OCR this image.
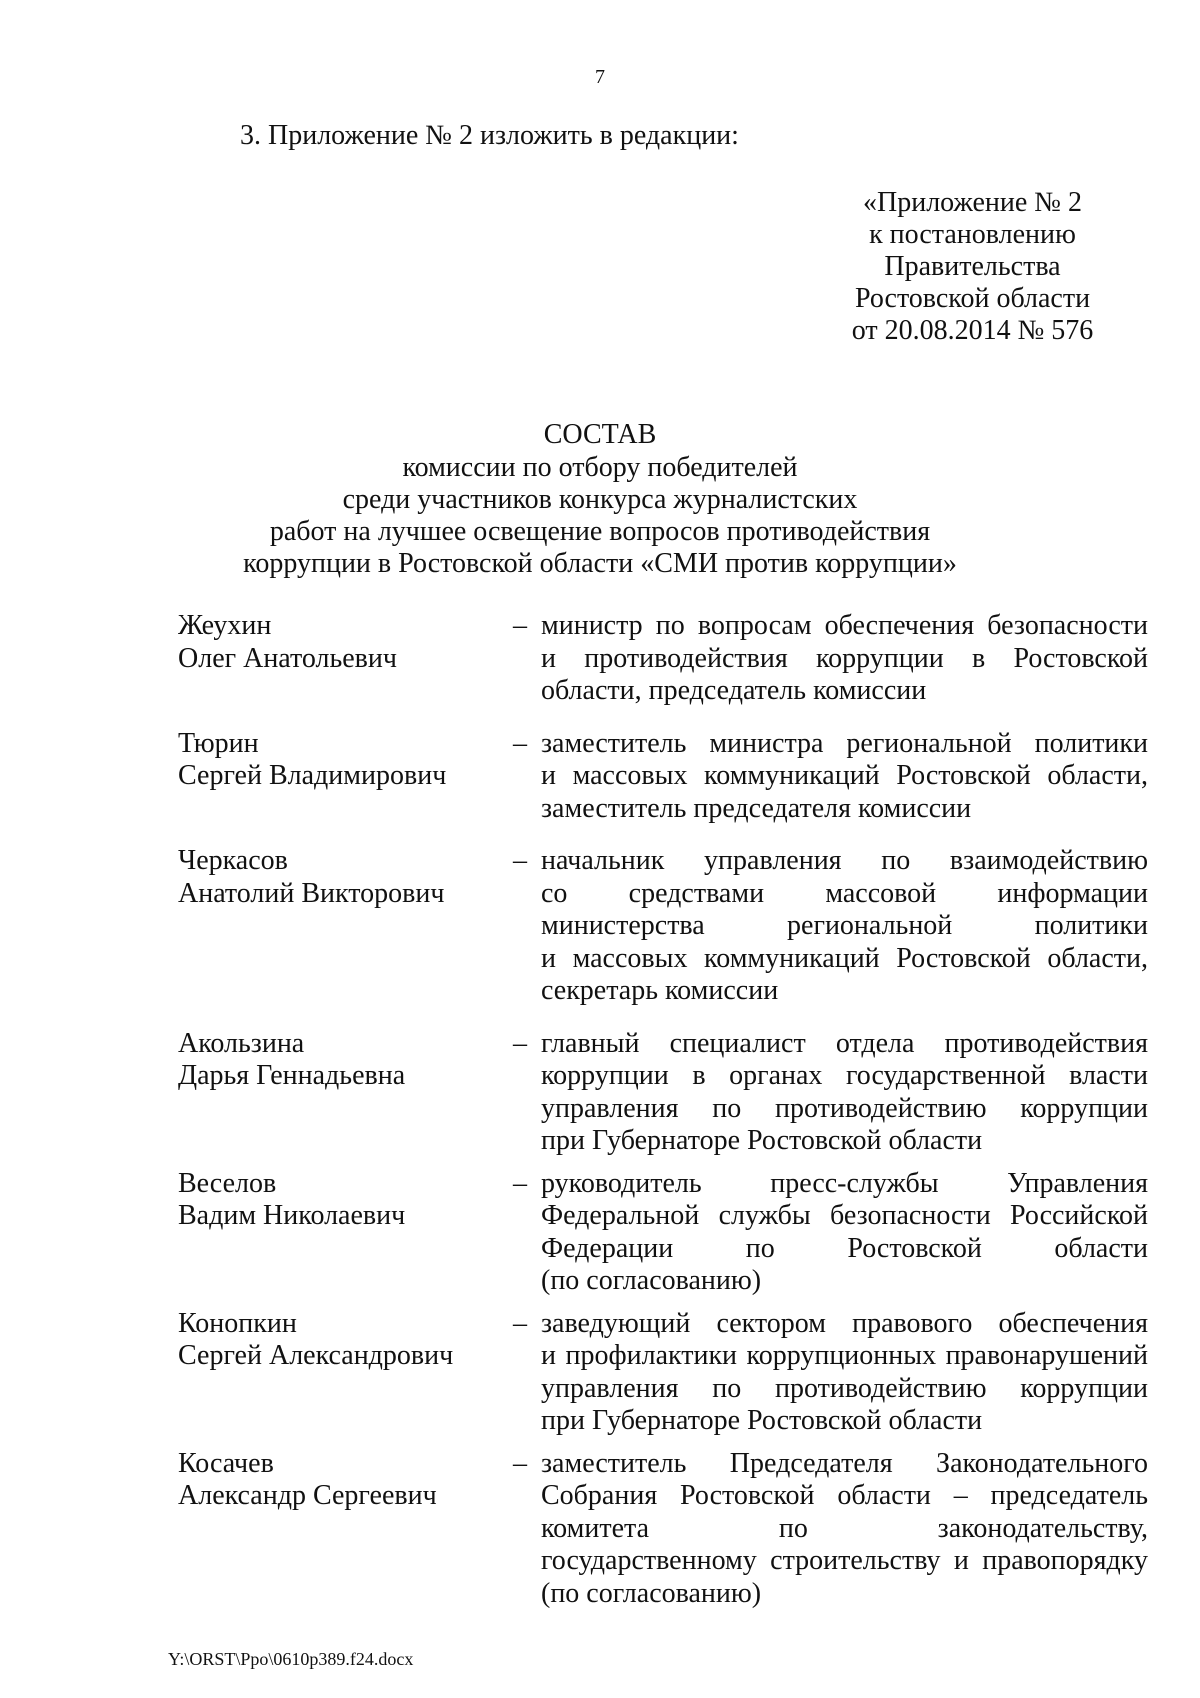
7
3. Приложение № 2 изложить в редакции:
«Приложение № 2
к постановлению
Правительства
Ростовской области
от 20.08.2014 № 576
СОСТАВ
комиссии по отбору победителей
среди участников конкурса журналистских
работ на лучшее освещение вопросов противодействия
коррупции в Ростовской области «СМИ против коррупции»
Жеухин
Олег Анатольевич
– министр по вопросам обеспечения безопасности
и противодействия коррупции в Ростовской
области, председатель комиссии
Тюрин
Сергей Владимирович
– заместитель министра региональной политики
и массовых коммуникаций Ростовской области,
заместитель председателя комиссии
Черкасов
Анатолий Викторович
– начальник управления по взаимодействию
со средствами массовой информации
министерства региональной политики
и массовых коммуникаций Ростовской области,
секретарь комиссии
Акользина
Дарья Геннадьевна
– главный специалист отдела противодействия
коррупции в органах государственной власти
управления по противодействию коррупции
при Губернаторе Ростовской области
Веселов
Вадим Николаевич
– руководитель пресс-службы Управления
Федеральной службы безопасности Российской
Федерации по Ростовской области
(по согласованию)
Конопкин
Сергей Александрович
– заведующий сектором правового обеспечения
и профилактики коррупционных правонарушений
управления по противодействию коррупции
при Губернаторе Ростовской области
Косачев
Александр Сергеевич
– заместитель Председателя Законодательного
Собрания Ростовской области – председатель
комитета по законодательству,
государственному строительству и правопорядку
(по согласованию)
Y:\ORST\Ppo\0610p389.f24.docx
